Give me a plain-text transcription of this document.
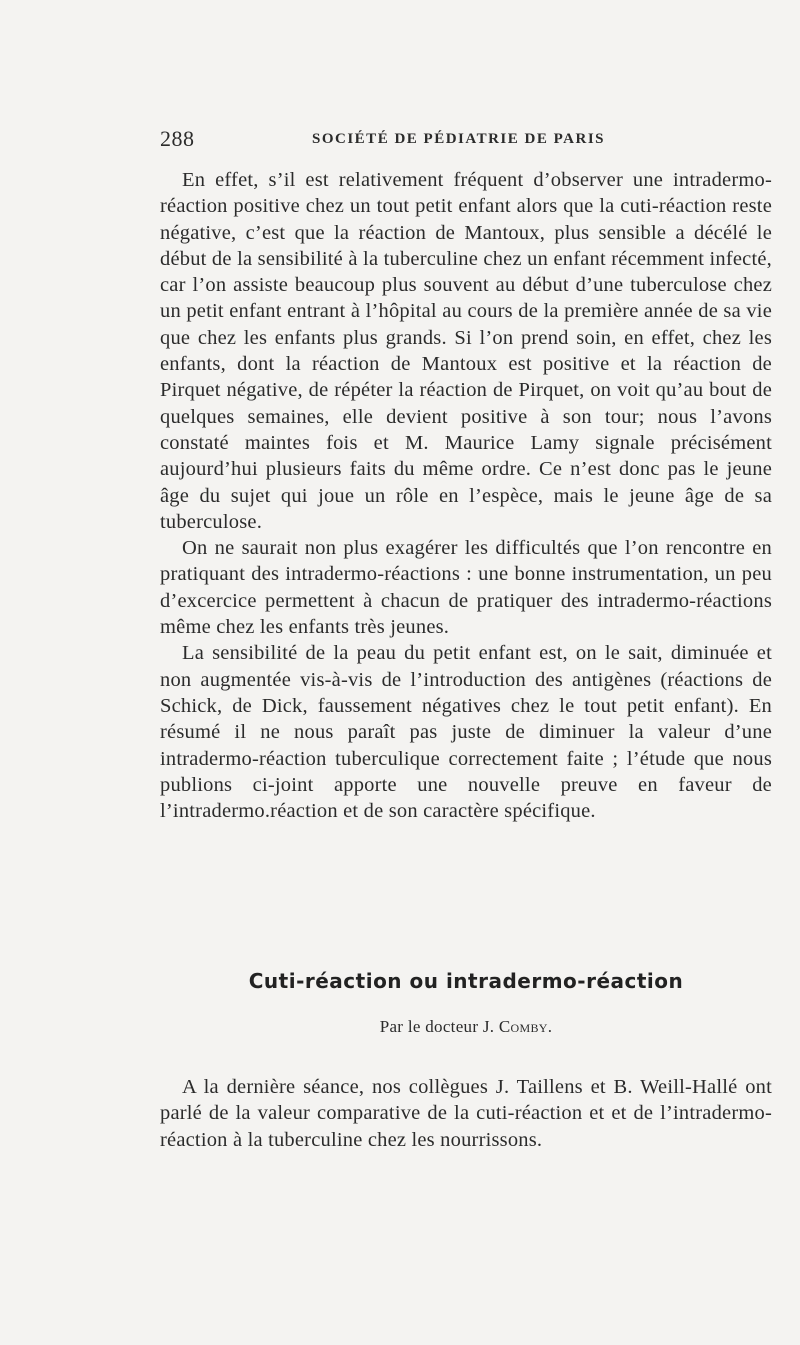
288	SOCIÉTÉ DE PÉDIATRIE DE PARIS

En effet, s’il est relativement fréquent d’observer une intradermo-réaction positive chez un tout petit enfant alors que la cuti-réaction reste négative, c’est que la réaction de Mantoux, plus sensible a décélé le début de la sensibilité à la tuberculine chez un enfant récemment infecté, car l’on assiste beaucoup plus souvent au début d’une tuberculose chez un petit enfant entrant à l’hôpital au cours de la première année de sa vie que chez les enfants plus grands. Si l’on prend soin, en effet, chez les enfants, dont la réaction de Mantoux est positive et la réaction de Pirquet négative, de répéter la réaction de Pirquet, on voit qu’au bout de quelques semaines, elle devient positive à son tour; nous l’avons constaté maintes fois et M. Maurice Lamy signale précisément aujourd’hui plusieurs faits du même ordre. Ce n’est donc pas le jeune âge du sujet qui joue un rôle en l’espèce, mais le jeune âge de sa tuberculose.

On ne saurait non plus exagérer les difficultés que l’on rencontre en pratiquant des intradermo-réactions : une bonne instrumentation, un peu d’excercice permettent à chacun de pratiquer des intradermo-réactions même chez les enfants très jeunes.

La sensibilité de la peau du petit enfant est, on le sait, diminuée et non augmentée vis-à-vis de l’introduction des antigènes (réactions de Schick, de Dick, faussement négatives chez le tout petit enfant). En résumé il ne nous paraît pas juste de diminuer la valeur d’une intradermo-réaction tuberculique correctement faite ; l’étude que nous publions ci-joint apporte une nouvelle preuve en faveur de l’intradermo.réaction et de son caractère spécifique.

Cuti-réaction ou intradermo-réaction
Par le docteur J. Comby.

A la dernière séance, nos collègues J. Taillens et B. Weill-Hallé ont parlé de la valeur comparative de la cuti-réaction et et de l’intradermo-réaction à la tuberculine chez les nourrissons.
